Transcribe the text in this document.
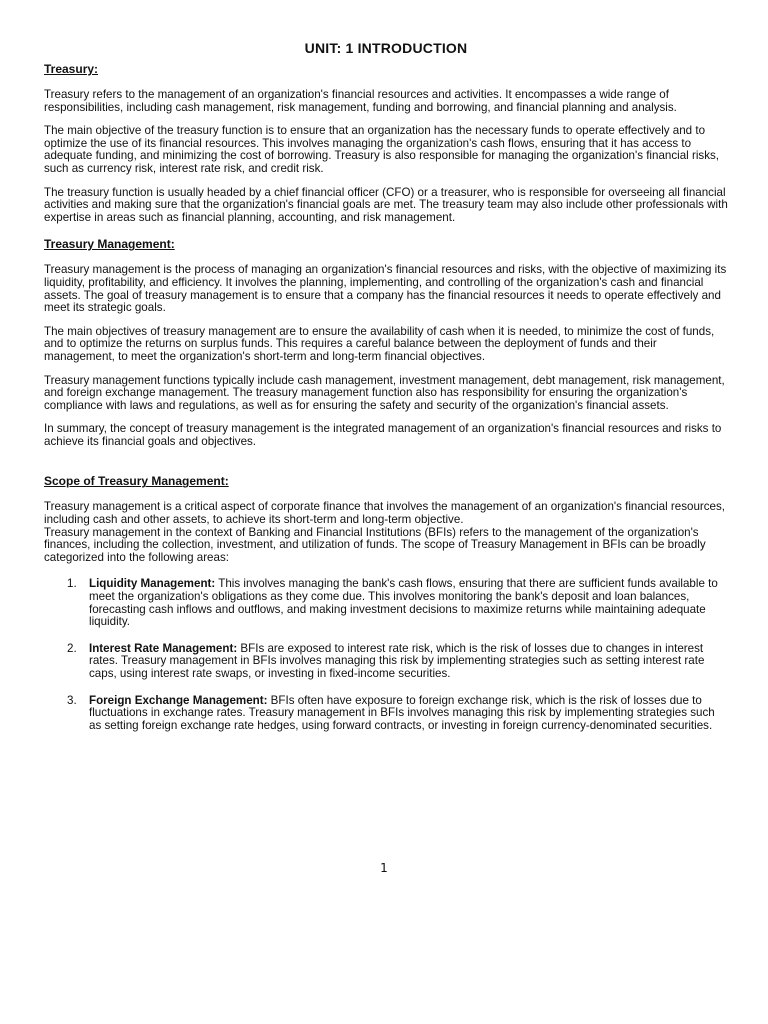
UNIT: 1 INTRODUCTION
Treasury:

Treasury refers to the management of an organization's financial resources and activities. It encompasses a wide range of responsibilities, including cash management, risk management, funding and borrowing, and financial planning and analysis.

The main objective of the treasury function is to ensure that an organization has the necessary funds to operate effectively and to optimize the use of its financial resources. This involves managing the organization's cash flows, ensuring that it has access to adequate funding, and minimizing the cost of borrowing. Treasury is also responsible for managing the organization's financial risks, such as currency risk, interest rate risk, and credit risk.

The treasury function is usually headed by a chief financial officer (CFO) or a treasurer, who is responsible for overseeing all financial activities and making sure that the organization's financial goals are met. The treasury team may also include other professionals with expertise in areas such as financial planning, accounting, and risk management.

Treasury Management:

Treasury management is the process of managing an organization's financial resources and risks, with the objective of maximizing its liquidity, profitability, and efficiency. It involves the planning, implementing, and controlling of the organization's cash and financial assets. The goal of treasury management is to ensure that a company has the financial resources it needs to operate effectively and meet its strategic goals.

The main objectives of treasury management are to ensure the availability of cash when it is needed, to minimize the cost of funds, and to optimize the returns on surplus funds. This requires a careful balance between the deployment of funds and their management, to meet the organization's short-term and long-term financial objectives.

Treasury management functions typically include cash management, investment management, debt management, risk management, and foreign exchange management. The treasury management function also has responsibility for ensuring the organization's compliance with laws and regulations, as well as for ensuring the safety and security of the organization's financial assets.

In summary, the concept of treasury management is the integrated management of an organization's financial resources and risks to achieve its financial goals and objectives.

Scope of Treasury Management:

Treasury management is a critical aspect of corporate finance that involves the management of an organization's financial resources, including cash and other assets, to achieve its short-term and long-term objective.

Treasury management in the context of Banking and Financial Institutions (BFIs) refers to the management of the organization's finances, including the collection, investment, and utilization of funds. The scope of Treasury Management in BFIs can be broadly categorized into the following areas:

1. Liquidity Management: This involves managing the bank's cash flows, ensuring that there are sufficient funds available to meet the organization's obligations as they come due. This involves monitoring the bank's deposit and loan balances, forecasting cash inflows and outflows, and making investment decisions to maximize returns while maintaining adequate liquidity.
2. Interest Rate Management: BFIs are exposed to interest rate risk, which is the risk of losses due to changes in interest rates. Treasury management in BFIs involves managing this risk by implementing strategies such as setting interest rate caps, using interest rate swaps, or investing in fixed-income securities.
3. Foreign Exchange Management: BFIs often have exposure to foreign exchange risk, which is the risk of losses due to fluctuations in exchange rates. Treasury management in BFIs involves managing this risk by implementing strategies such as setting foreign exchange rate hedges, using forward contracts, or investing in foreign currency-denominated securities.
1
